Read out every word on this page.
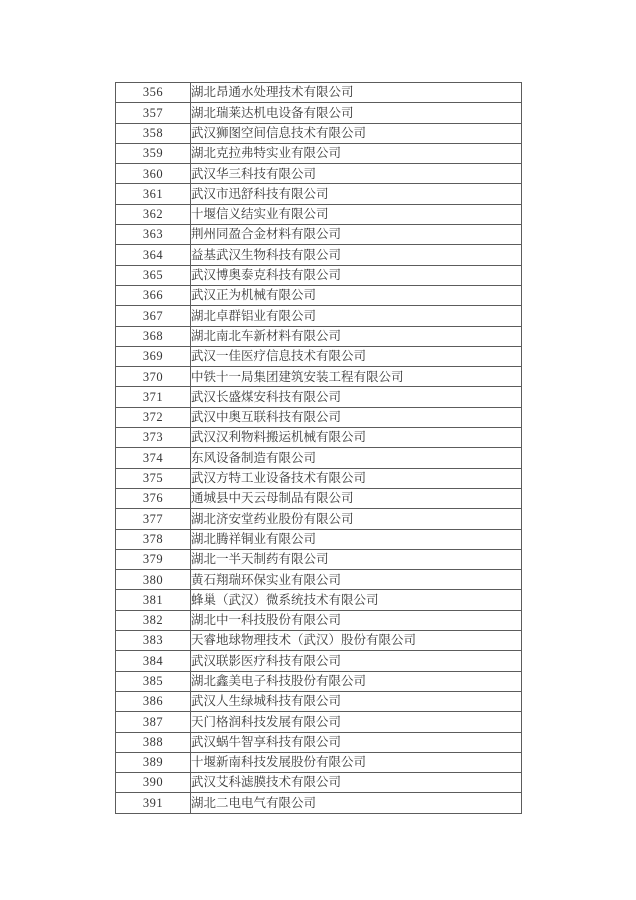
356	湖北昂通水处理技术有限公司
357	湖北瑞莱达机电设备有限公司
358	武汉狮图空间信息技术有限公司
359	湖北克拉弗特实业有限公司
360	武汉华三科技有限公司
361	武汉市迅舒科技有限公司
362	十堰信义结实业有限公司
363	荆州同盈合金材料有限公司
364	益基武汉生物科技有限公司
365	武汉博奥泰克科技有限公司
366	武汉正为机械有限公司
367	湖北卓群铝业有限公司
368	湖北南北车新材料有限公司
369	武汉一佳医疗信息技术有限公司
370	中铁十一局集团建筑安装工程有限公司
371	武汉长盛煤安科技有限公司
372	武汉中奥互联科技有限公司
373	武汉汉利物料搬运机械有限公司
374	东风设备制造有限公司
375	武汉方特工业设备技术有限公司
376	通城县中天云母制品有限公司
377	湖北济安堂药业股份有限公司
378	湖北腾祥铜业有限公司
379	湖北一半天制药有限公司
380	黄石翔瑞环保实业有限公司
381	蜂巢（武汉）微系统技术有限公司
382	湖北中一科技股份有限公司
383	天睿地球物理技术（武汉）股份有限公司
384	武汉联影医疗科技有限公司
385	湖北鑫美电子科技股份有限公司
386	武汉人生绿城科技有限公司
387	天门格润科技发展有限公司
388	武汉蜗牛智享科技有限公司
389	十堰新南科技发展股份有限公司
390	武汉艾科滤膜技术有限公司
391	湖北二电电气有限公司
